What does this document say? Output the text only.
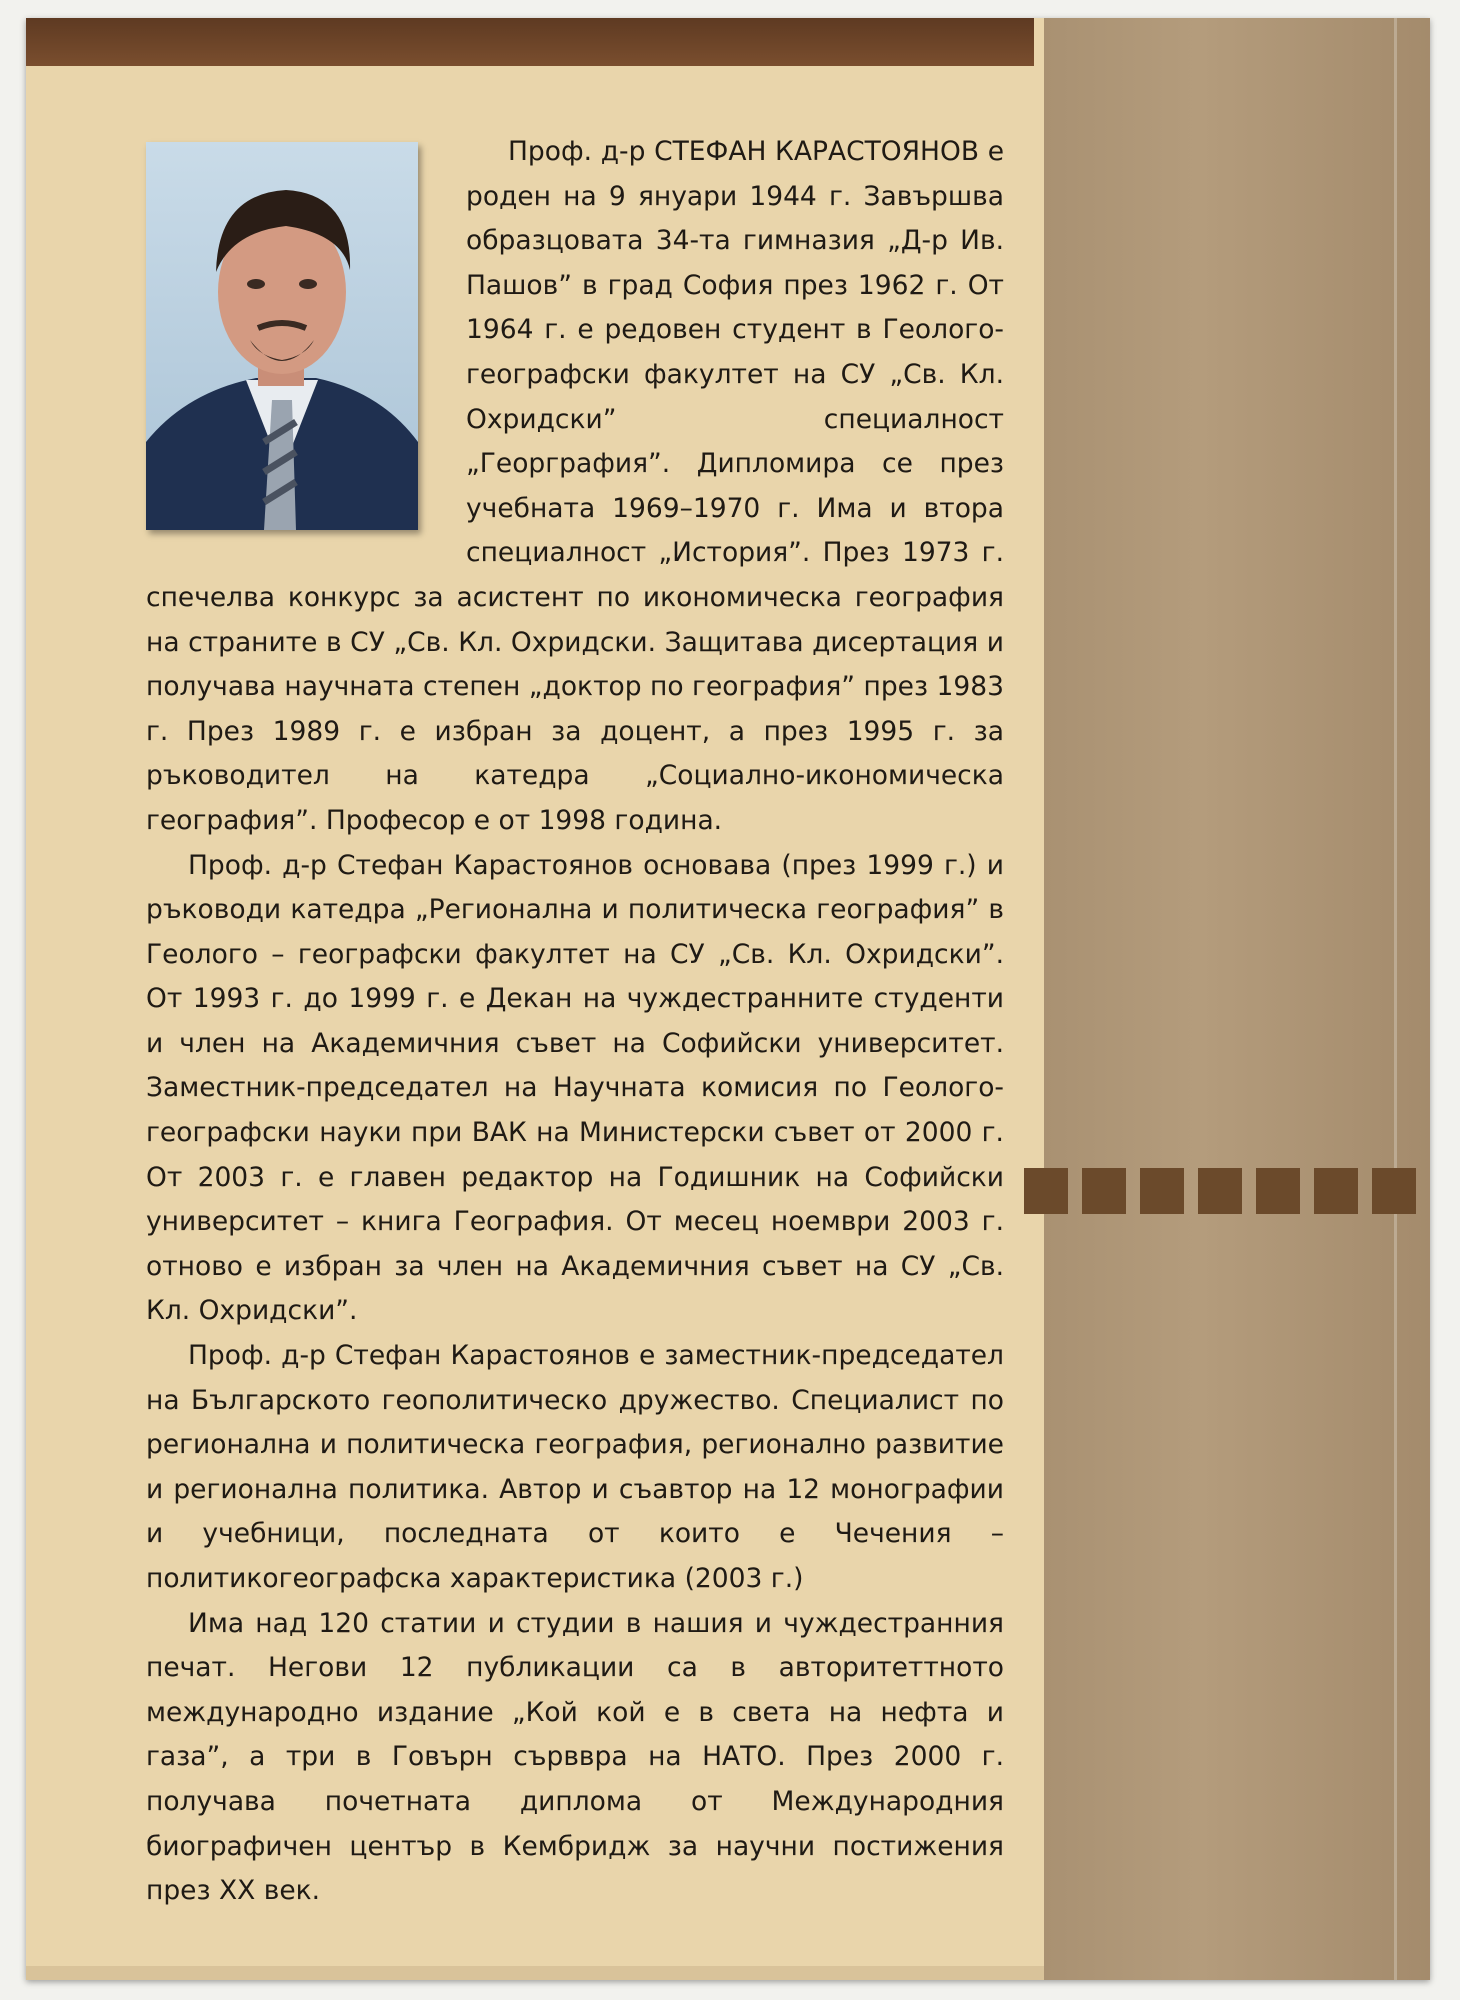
Проф. д-р СТЕФАН КАРАСТОЯНОВ е роден на 9 януари 1944 г. Завършва образцовата 34-та гимназия „Д-р Ив. Пашов” в град София през 1962 г. От 1964 г. е редовен студент в Геолого-географски факултет на СУ „Св. Кл. Охридски” специалност „Георграфия”. Дипломира се през учебната 1969–1970 г. Има и втора специалност „История”. През 1973 г. спечелва конкурс за асистент по икономическа география на страните в СУ „Св. Кл. Охридски. Защитава дисертация и получава научната степен „доктор по география” през 1983 г. През 1989 г. е избран за доцент, а през 1995 г. за ръководител на катедра „Социално-икономическа география”. Професор е от 1998 година.

Проф. д-р Стефан Карастоянов основава (през 1999 г.) и ръководи катедра „Регионална и политическа география” в Геолого – географски факултет на СУ „Св. Кл. Охридски”. От 1993 г. до 1999 г. е Декан на чуждестранните студенти и член на Академичния съвет на Софийски университет. Заместник-председател на Научната комисия по Геолого-географски науки при ВАК на Министерски съвет от 2000 г. От 2003 г. е главен редактор на Годишник на Софийски университет – книга География. От месец ноември 2003 г. отново е избран за член на Академичния съвет на СУ „Св. Кл. Охридски”.

Проф. д-р Стефан Карастоянов е заместник-председател на Българското геополитическо дружество. Специалист по регионална и политическа география, регионално развитие и регионална политика. Автор и съавтор на 12 монографии и учебници, последната от които е Чечения – политикогеографска характеристика (2003 г.)

Има над 120 статии и студии в нашия и чуждестранния печат. Негови 12 публикации са в авторитеттното международно издание „Кой кой е в света на нефта и газа”, а три в Говърн сърввра на НАТО. През 2000 г. получава почетната диплома от Международния биографичен център в Кембридж за научни постижения през XX век.
